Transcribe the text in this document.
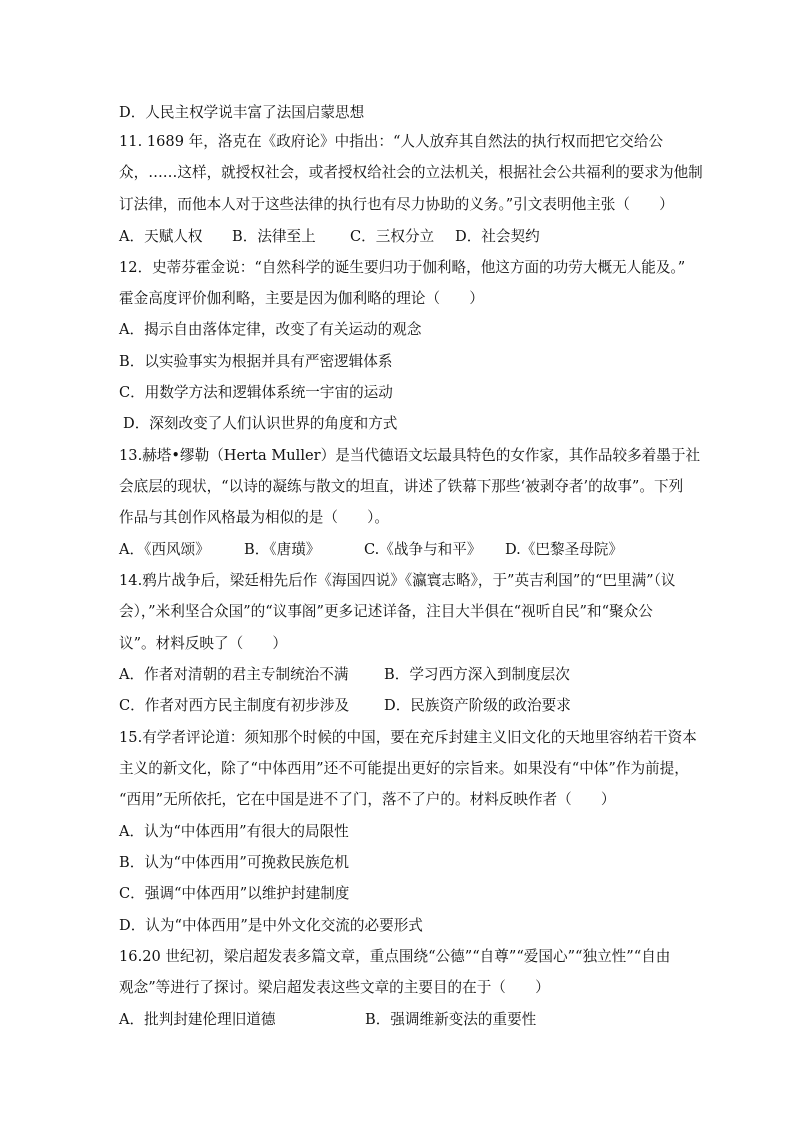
D．人民主权学说丰富了法国启蒙思想
11. 1689 年，洛克在《政府论》中指出：“人人放弃其自然法的执行权而把它交给公
众，……这样，就授权社会，或者授权给社会的立法机关，根据社会公共福利的要求为他制
订法律，而他本人对于这些法律的执行也有尽力协助的义务。”引文表明他主张（　　）
A．天赋人权 B．法律至上 C．三权分立 D．社会契约
12．史蒂芬霍金说：“自然科学的诞生要归功于伽利略，他这方面的功劳大概无人能及。”
霍金高度评价伽利略，主要是因为伽利略的理论（　　）
A．揭示自由落体定律，改变了有关运动的观念
B．以实验事实为根据并具有严密逻辑体系
C．用数学方法和逻辑体系统一宇宙的运动
D．深刻改变了人们认识世界的角度和方式
13.赫塔•缪勒（Herta Muller）是当代德语文坛最具特色的女作家，其作品较多着墨于社
会底层的现状，“以诗的凝练与散文的坦直，讲述了铁幕下那些‘被剥夺者’的故事”。下列
作品与其创作风格最为相似的是（　　）。
A．《西风颂》 B．《唐璜》	C.《战争与和平》 D.《巴黎圣母院》
14.鸦片战争后，梁廷枏先后作《海国四说》《瀛寰志略》，于”英吉利国”的“巴里满”（议
会），”米利坚合众国”的“议事阁”更多记述详备，注目大半俱在“视听自民”和“聚众公
议”。材料反映了（　　）
A．作者对清朝的君主专制统治不满 B．学习西方深入到制度层次
C．作者对西方民主制度有初步涉及 D．民族资产阶级的政治要求
15.有学者评论道：须知那个时候的中国，要在充斥封建主义旧文化的天地里容纳若干资本
主义的新文化，除了“中体西用”还不可能提出更好的宗旨来。如果没有“中体”作为前提，
“西用”无所依托，它在中国是进不了门，落不了户的。材料反映作者（　　）
A．认为“中体西用”有很大的局限性
B．认为“中体西用”可挽救民族危机
C．强调“中体西用”以维护封建制度
D．认为“中体西用”是中外文化交流的必要形式
16.20 世纪初，梁启超发表多篇文章，重点围绕“公德”“自尊”“爱国心”“独立性”“自由
观念”等进行了探讨。梁启超发表这些文章的主要目的在于（　　）
A．批判封建伦理旧道德	B．强调维新变法的重要性
